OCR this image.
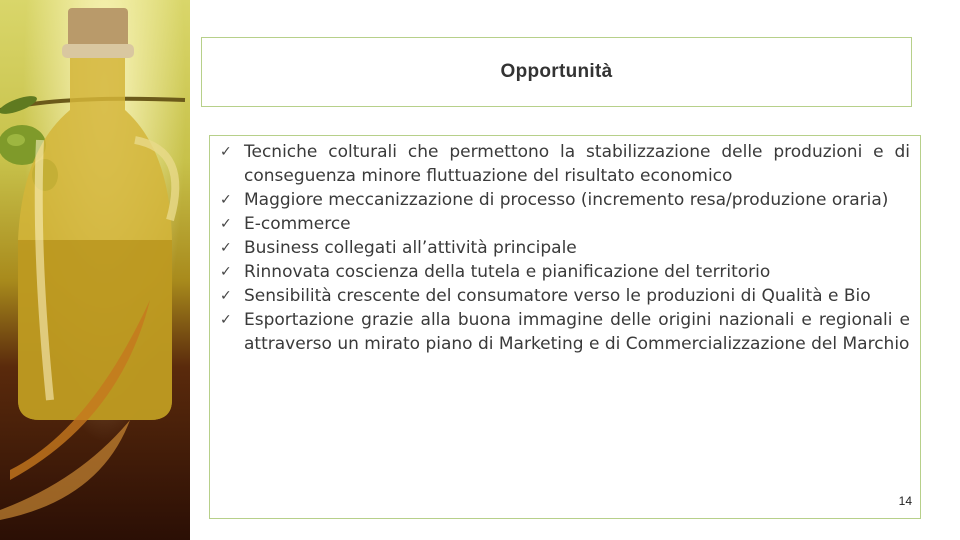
Opportunità
✓ Tecniche colturali che permettono la stabilizzazione delle produzioni e di conseguenza minore fluttuazione del risultato economico
✓ Maggiore meccanizzazione di processo (incremento resa/produzione oraria)
✓ E-commerce
✓ Business collegati all’attività principale
✓ Rinnovata coscienza della tutela e pianificazione del territorio
✓ Sensibilità crescente del consumatore verso le produzioni di Qualità e Bio
✓ Esportazione grazie alla buona immagine delle origini nazionali e regionali e attraverso un mirato piano di Marketing e di Commercializzazione del Marchio
14
